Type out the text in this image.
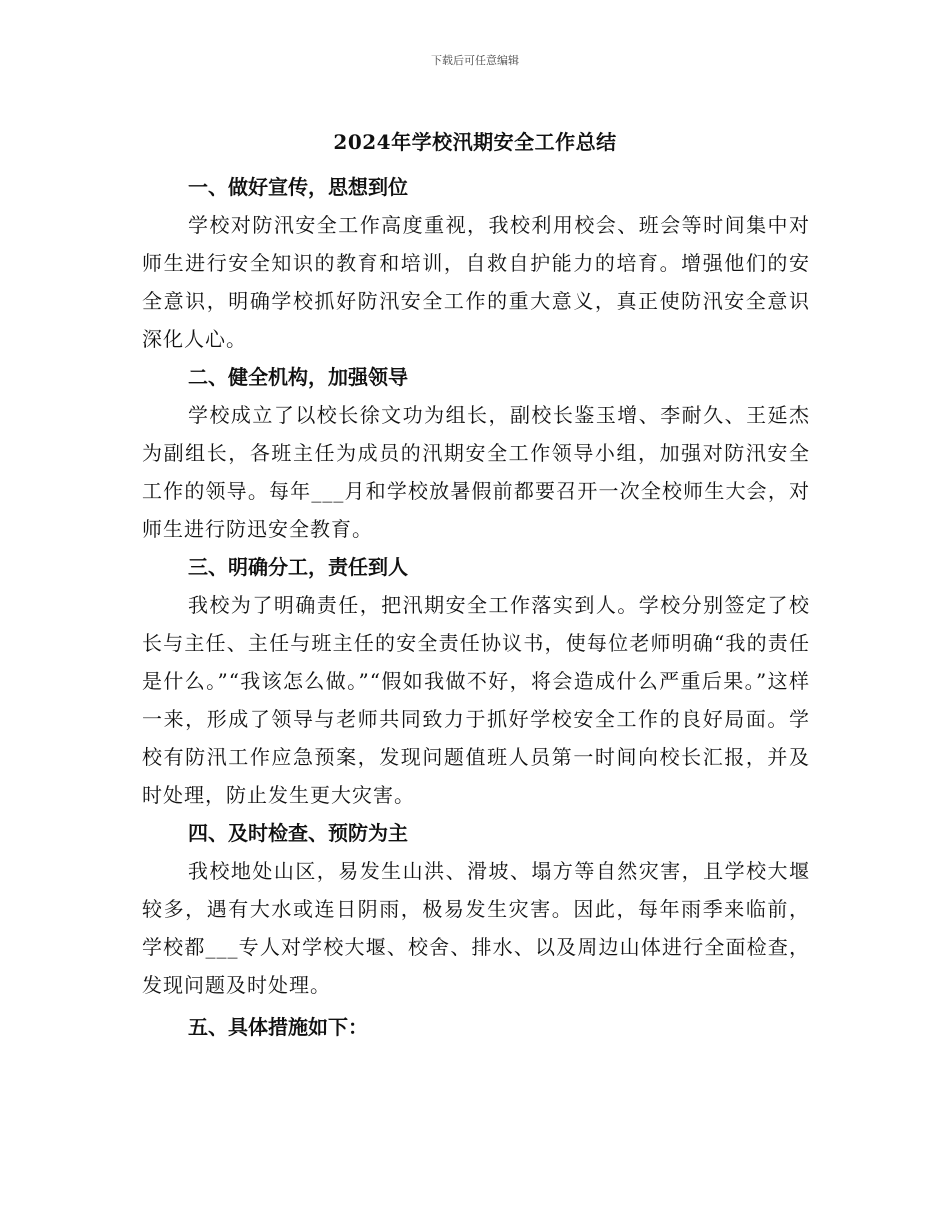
下载后可任意编辑
2024年学校汛期安全工作总结

一、做好宣传，思想到位

学校对防汛安全工作高度重视，我校利用校会、班会等时间集中对师生进行安全知识的教育和培训，自救自护能力的培育。增强他们的安全意识，明确学校抓好防汛安全工作的重大意义，真正使防汛安全意识深化人心。

二、健全机构，加强领导

学校成立了以校长徐文功为组长，副校长鉴玉增、李耐久、王延杰为副组长，各班主任为成员的汛期安全工作领导小组，加强对防汛安全工作的领导。每年___月和学校放暑假前都要召开一次全校师生大会，对师生进行防迅安全教育。

三、明确分工，责任到人

我校为了明确责任，把汛期安全工作落实到人。学校分别签定了校长与主任、主任与班主任的安全责任协议书，使每位老师明确“我的责任是什么。”“我该怎么做。”“假如我做不好，将会造成什么严重后果。”这样一来，形成了领导与老师共同致力于抓好学校安全工作的良好局面。学校有防汛工作应急预案，发现问题值班人员第一时间向校长汇报，并及时处理，防止发生更大灾害。

四、及时检查、预防为主

我校地处山区，易发生山洪、滑坡、塌方等自然灾害，且学校大堰较多，遇有大水或连日阴雨，极易发生灾害。因此，每年雨季来临前，学校都___专人对学校大堰、校舍、排水、以及周边山体进行全面检查，发现问题及时处理。

五、具体措施如下：
